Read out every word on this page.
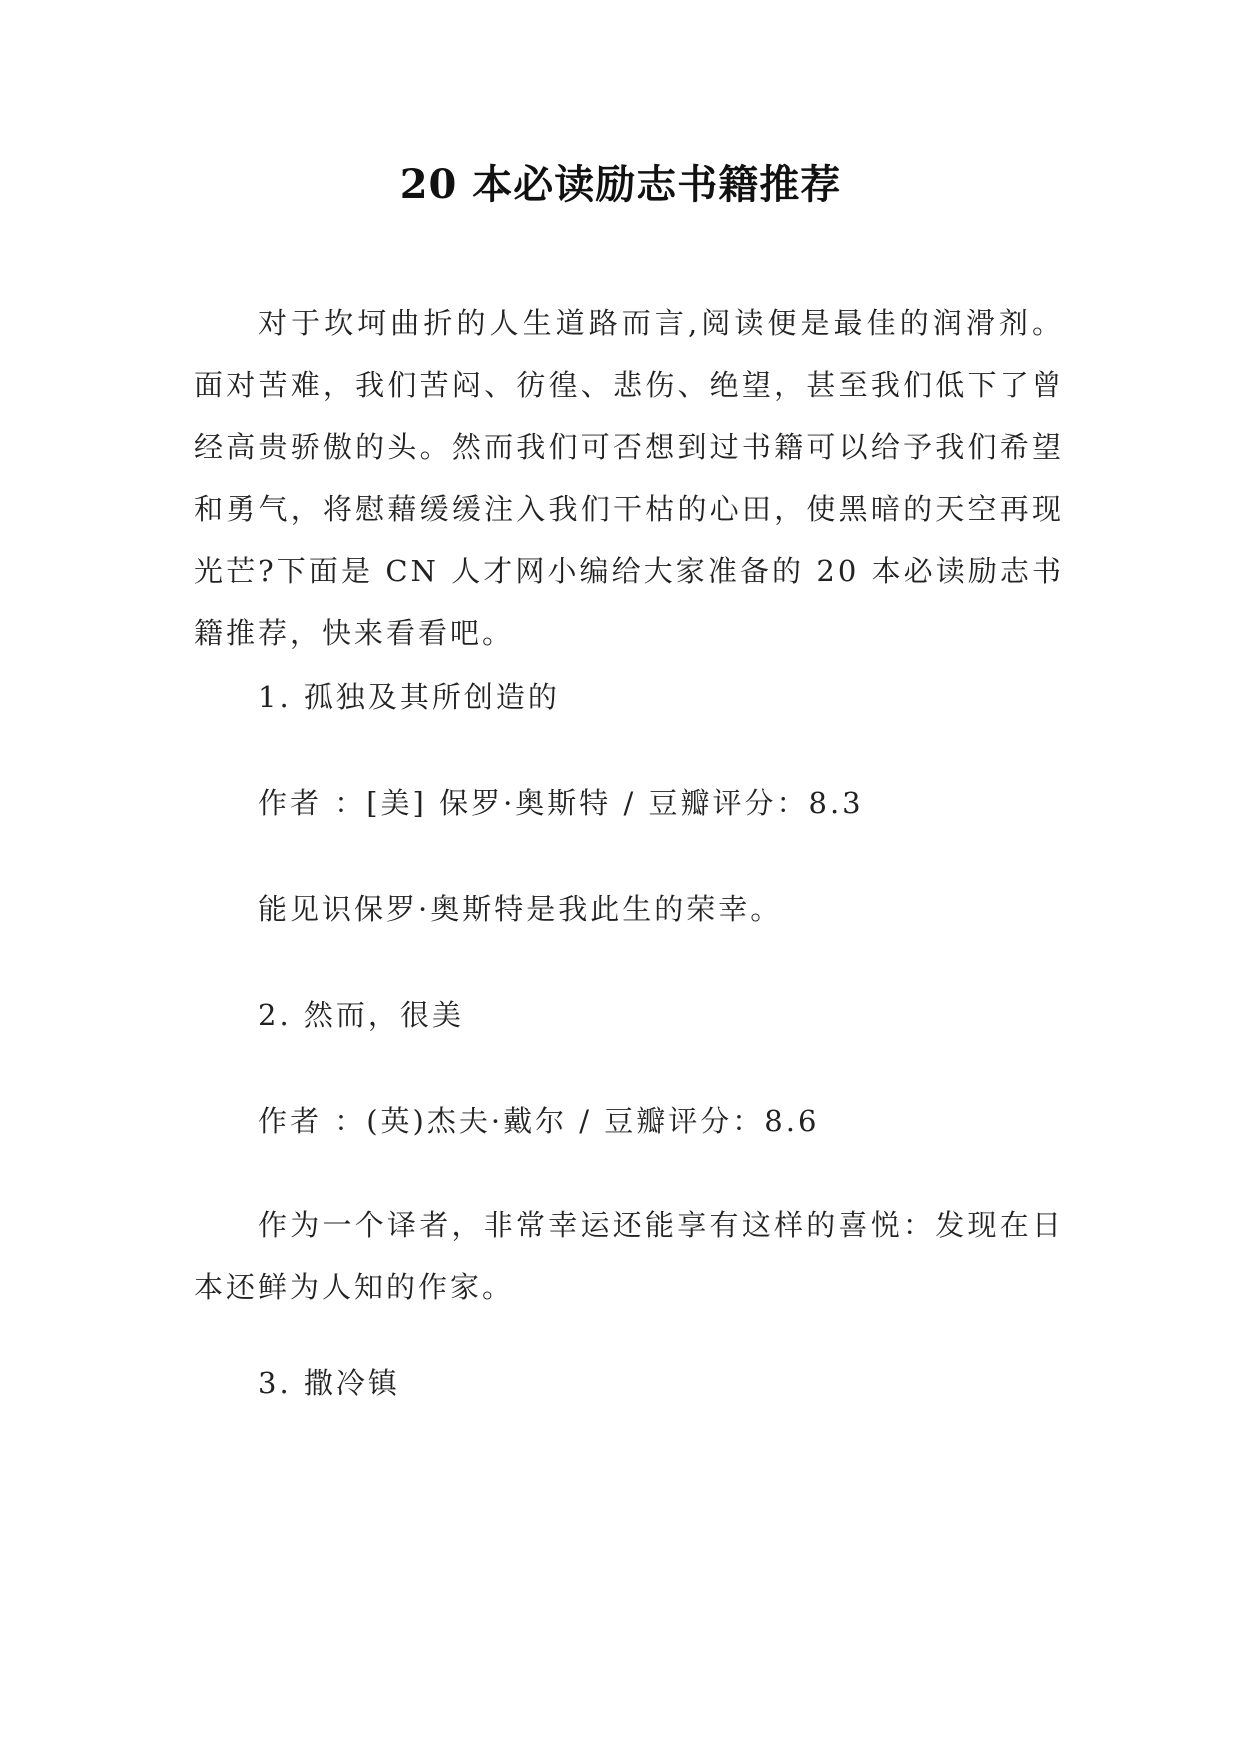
20 本必读励志书籍推荐

对于坎坷曲折的人生道路而言,阅读便是最佳的润滑剂。面对苦难，我们苦闷、彷徨、悲伤、绝望，甚至我们低下了曾经高贵骄傲的头。然而我们可否想到过书籍可以给予我们希望和勇气，将慰藉缓缓注入我们干枯的心田，使黑暗的天空再现光芒?下面是 CN 人才网小编给大家准备的 20 本必读励志书籍推荐，快来看看吧。

1. 孤独及其所创造的

作者 ：[美] 保罗·奥斯特 / 豆瓣评分：8.3

能见识保罗·奥斯特是我此生的荣幸。

2. 然而，很美

作者 ：(英)杰夫·戴尔 / 豆瓣评分：8.6

作为一个译者，非常幸运还能享有这样的喜悦：发现在日本还鲜为人知的作家。

3. 撒冷镇
